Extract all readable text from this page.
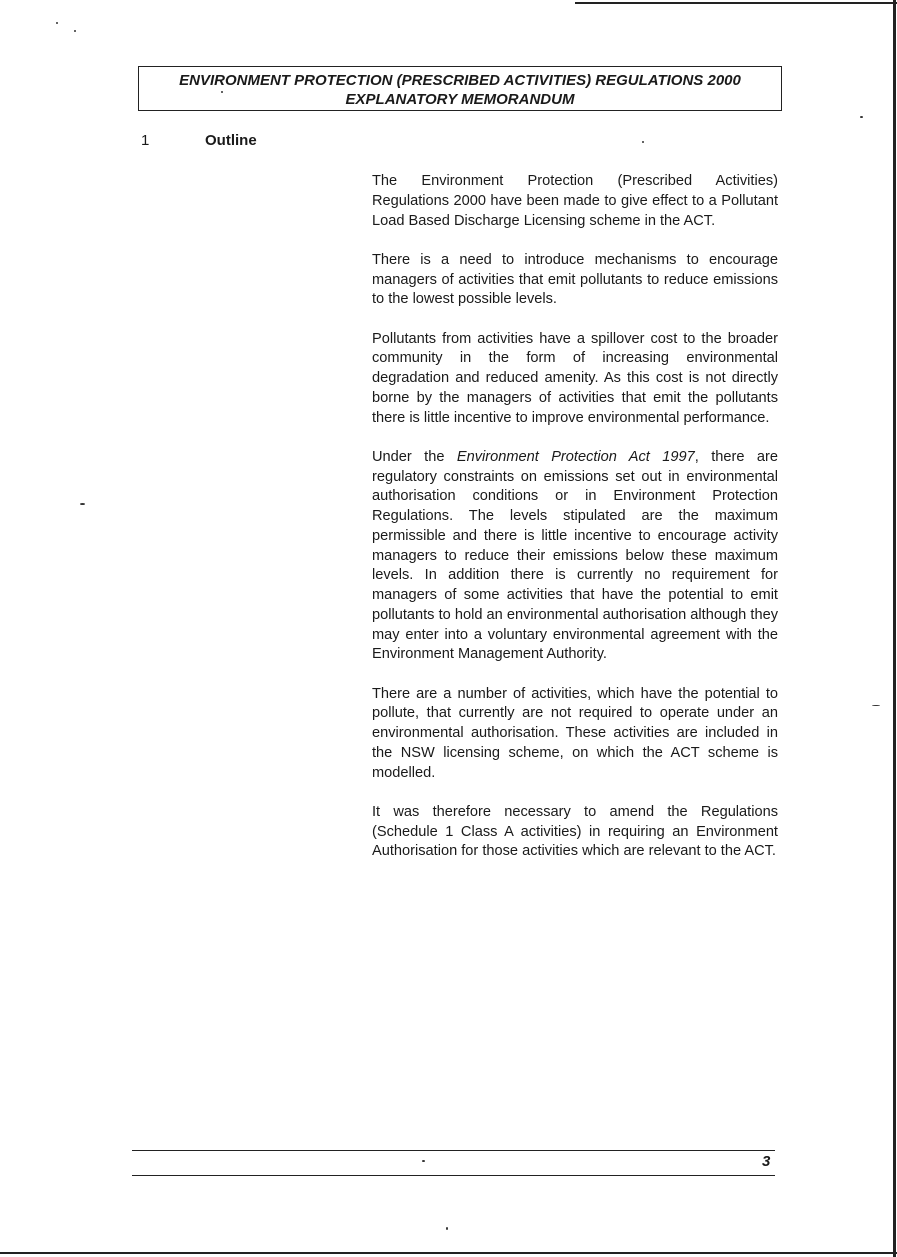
ENVIRONMENT PROTECTION (PRESCRIBED ACTIVITIES) REGULATIONS 2000
EXPLANATORY MEMORANDUM
1	Outline

The Environment Protection (Prescribed Activities) Regulations 2000 have been made to give effect to a Pollutant Load Based Discharge Licensing scheme in the ACT.

There is a need to introduce mechanisms to encourage managers of activities that emit pollutants to reduce emissions to the lowest possible levels.

Pollutants from activities have a spillover cost to the broader community in the form of increasing environmental degradation and reduced amenity. As this cost is not directly borne by the managers of activities that emit the pollutants there is little incentive to improve environmental performance.

Under the Environment Protection Act 1997, there are regulatory constraints on emissions set out in environmental authorisation conditions or in Environment Protection Regulations. The levels stipulated are the maximum permissible and there is little incentive to encourage activity managers to reduce their emissions below these maximum levels. In addition there is currently no requirement for managers of some activities that have the potential to emit pollutants to hold an environmental authorisation although they may enter into a voluntary environmental agreement with the Environment Management Authority.

There are a number of activities, which have the potential to pollute, that currently are not required to operate under an environmental authorisation. These activities are included in the NSW licensing scheme, on which the ACT scheme is modelled.

It was therefore necessary to amend the Regulations (Schedule 1 Class A activities) in requiring an Environment Authorisation for those activities which are relevant to the ACT.

3
